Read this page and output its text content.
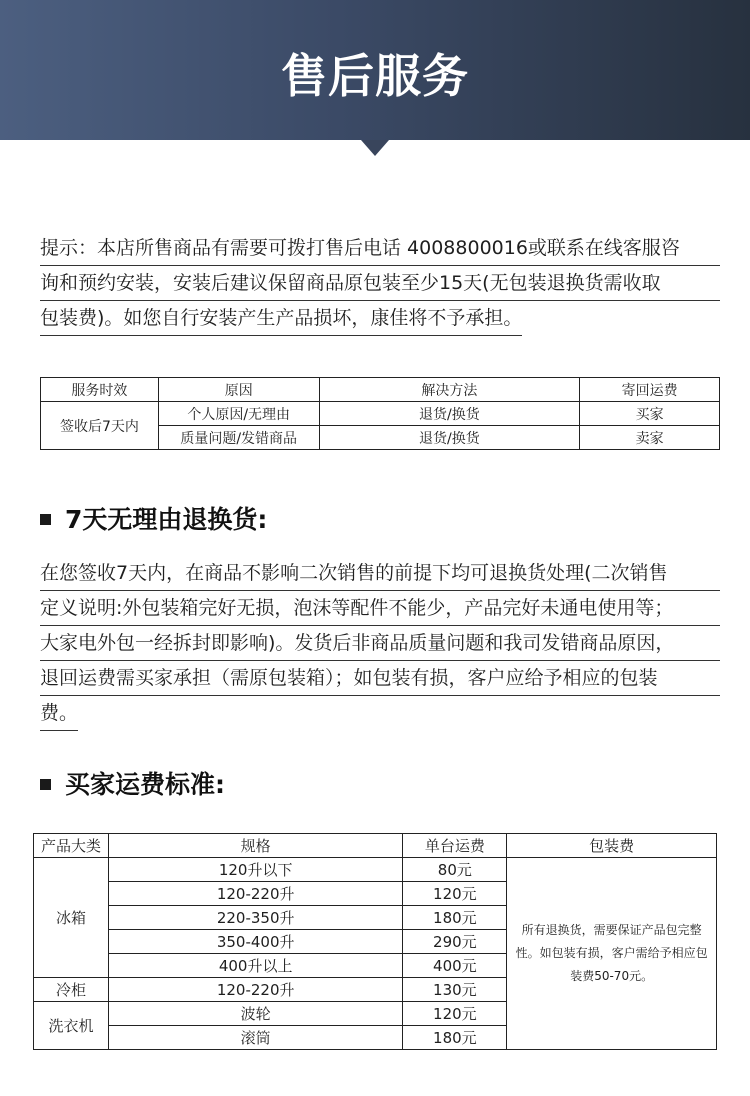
售后服务
提示：本店所售商品有需要可拨打售后电话 4008800016或联系在线客服咨
询和预约安装，安装后建议保留商品原包装至少15天(无包装退换货需收取
包装费)。如您自行安装产生产品损坏，康佳将不予承担。
服务时效	原因	解决方法	寄回运费
签收后7天内	个人原因/无理由	退货/换货	买家
	质量问题/发错商品	退货/换货	卖家
7天无理由退换货:
在您签收7天内，在商品不影响二次销售的前提下均可退换货处理(二次销售
定义说明:外包装箱完好无损，泡沫等配件不能少，产品完好未通电使用等；
大家电外包一经拆封即影响)。发货后非商品质量问题和我司发错商品原因，
退回运费需买家承担（需原包装箱）；如包装有损，客户应给予相应的包装
费。
买家运费标准:
产品大类	规格	单台运费	包装费
冰箱	120升以下	80元	所有退换货，需要保证产品包完整性。如包装有损，客户需给予相应包装费50-70元。
	120-220升	120元	
	220-350升	180元	
	350-400升	290元	
	400升以上	400元	
冷柜	120-220升	130元	
洗衣机	波轮	120元	
	滚筒	180元	
